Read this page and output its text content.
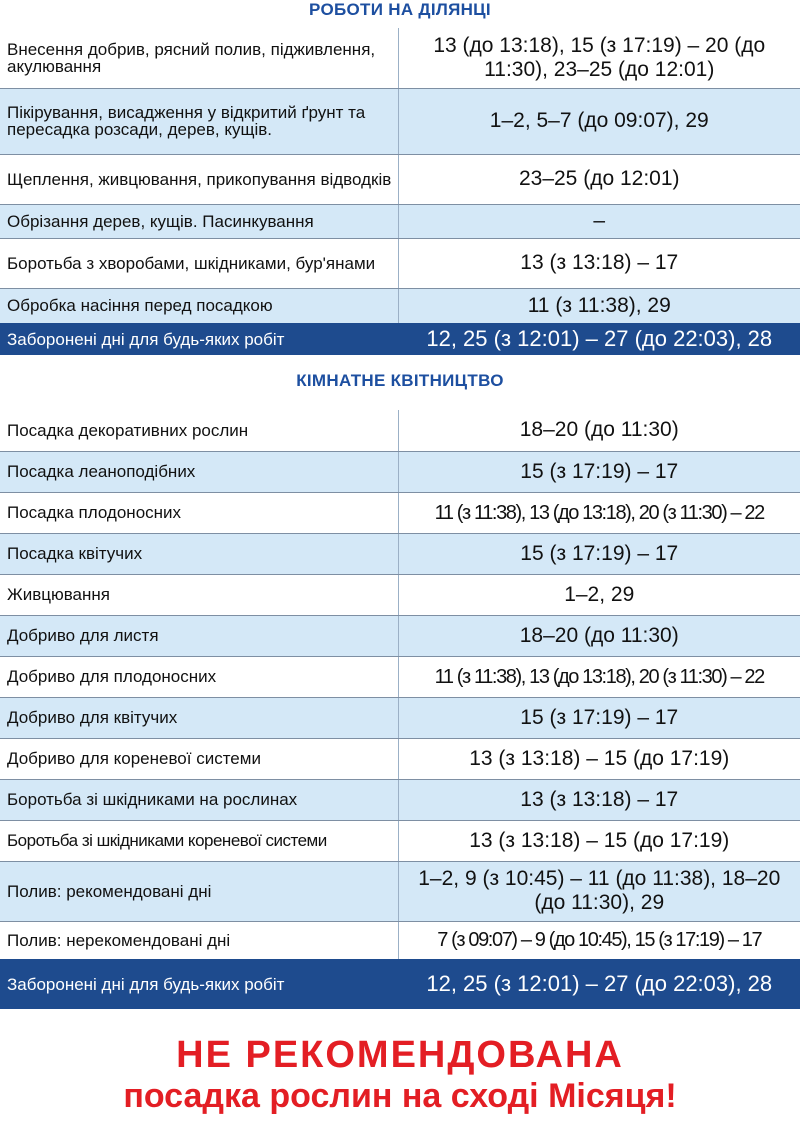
РОБОТИ НА ДІЛЯНЦІ
Внесення добрив, рясний полив, підживлення, акулювання	13 (до 13:18), 15 (з 17:19) – 20 (до 11:30), 23–25 (до 12:01)
Пікірування, висадження у відкритий ґрунт та пересадка розсади, дерев, кущів.	1–2, 5–7 (до 09:07), 29
Щеплення, живцювання, прикопування відводків	23–25 (до 12:01)
Обрізання дерев, кущів. Пасинкування	–
Боротьба з хворобами, шкідниками, бур'янами	13 (з 13:18) – 17
Обробка насіння перед посадкою	11 (з 11:38), 29
Заборонені дні для будь-яких робіт	12, 25 (з 12:01) – 27 (до 22:03), 28
КІМНАТНЕ КВІТНИЦТВО
Посадка декоративних рослин	18–20 (до 11:30)
Посадка леаноподібних	15 (з 17:19) – 17
Посадка плодоносних	11 (з 11:38), 13 (до 13:18), 20 (з 11:30) – 22
Посадка квітучих	15 (з 17:19) – 17
Живцювання	1–2, 29
Добриво для листя	18–20 (до 11:30)
Добриво для плодоносних	11 (з 11:38), 13 (до 13:18), 20 (з 11:30) – 22
Добриво для квітучих	15 (з 17:19) – 17
Добриво для кореневої системи	13 (з 13:18) – 15 (до 17:19)
Боротьба зі шкідниками на рослинах	13 (з 13:18) – 17
Боротьба зі шкідниками кореневої системи	13 (з 13:18) – 15 (до 17:19)
Полив: рекомендовані дні	1–2, 9 (з 10:45) – 11 (до 11:38), 18–20 (до 11:30), 29
Полив: нерекомендовані дні	7 (з 09:07) – 9 (до 10:45), 15 (з 17:19) – 17
Заборонені дні для будь-яких робіт	12, 25 (з 12:01) – 27 (до 22:03), 28
НЕ РЕКОМЕНДОВАНА
посадка рослин на сході Місяця!
